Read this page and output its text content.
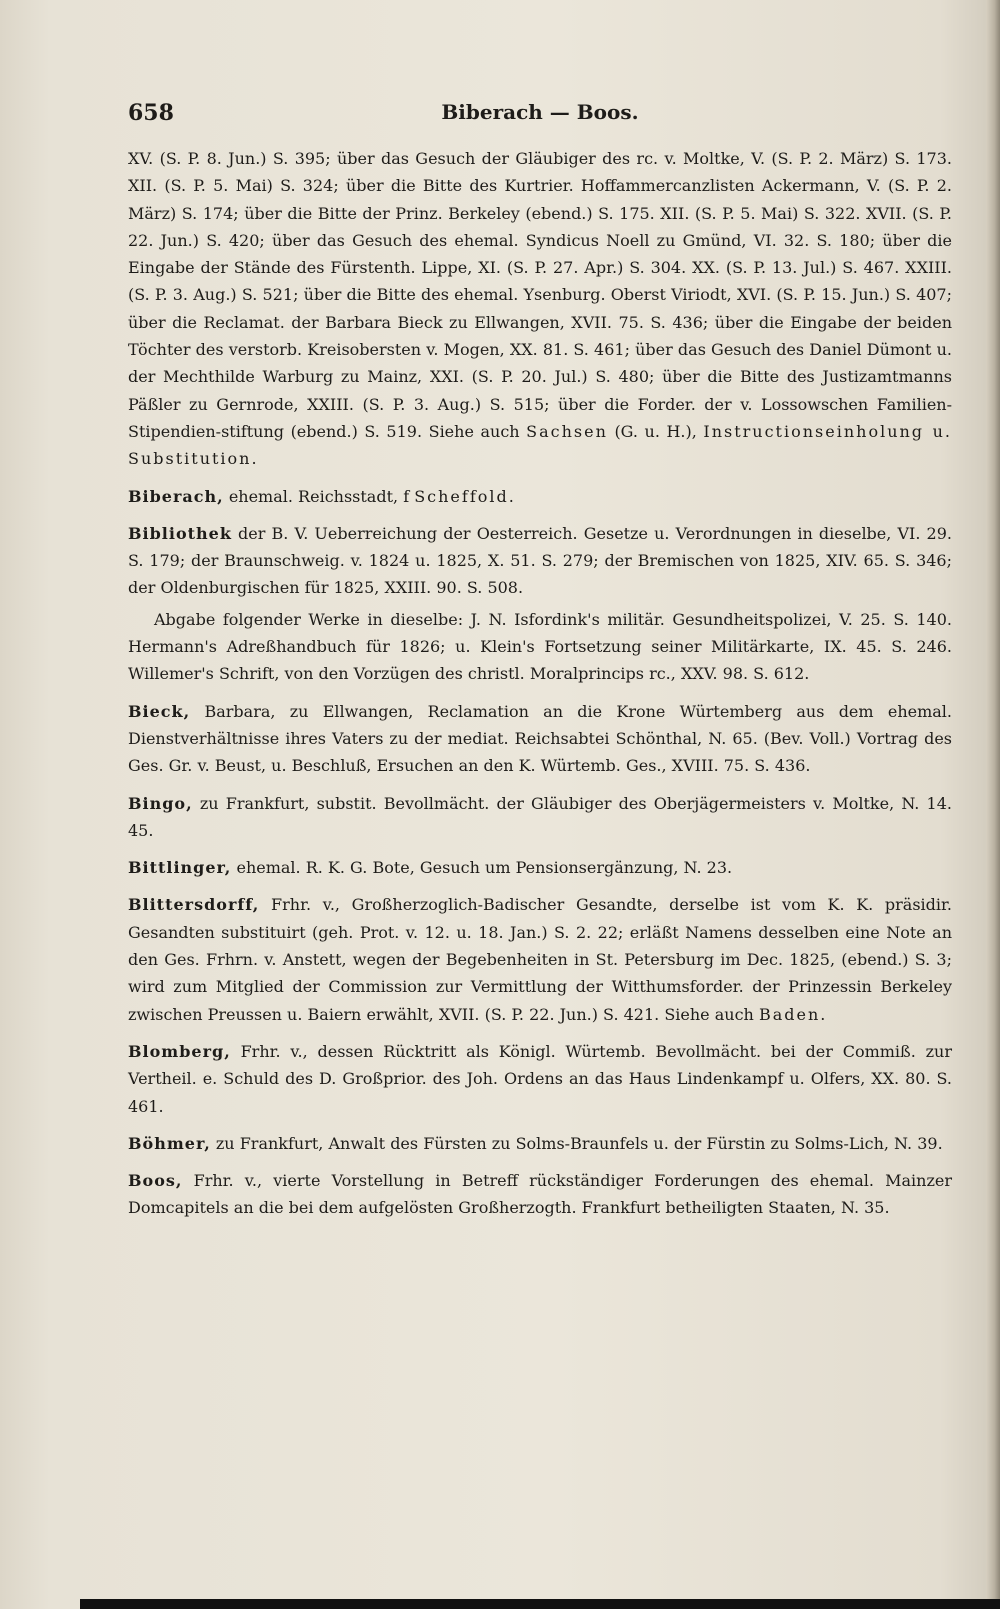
658	Biberach — Boos.

XV. (S. P. 8. Jun.) S. 395; über das Gesuch der Gläubiger des rc. v. Moltke, V. (S. P. 2. März) S. 173. XII. (S. P. 5. Mai) S. 324; über die Bitte des Kurtrier. Hoffammercanzlisten Ackermann, V. (S. P. 2. März) S. 174; über die Bitte der Prinz. Berkeley (ebend.) S. 175. XII. (S. P. 5. Mai) S. 322. XVII. (S. P. 22. Jun.) S. 420; über das Gesuch des ehemal. Syndicus Noell zu Gmünd, VI. 32. S. 180; über die Eingabe der Stände des Fürstenth. Lippe, XI. (S. P. 27. Apr.) S. 304. XX. (S. P. 13. Jul.) S. 467. XXIII. (S. P. 3. Aug.) S. 521; über die Bitte des ehemal. Ysenburg. Oberst Viriodt, XVI. (S. P. 15. Jun.) S. 407; über die Reclamat. der Barbara Bieck zu Ellwangen, XVII. 75. S. 436; über die Eingabe der beiden Töchter des verstorb. Kreisobersten v. Mogen, XX. 81. S. 461; über das Gesuch des Daniel Dümont u. der Mechthilde Warburg zu Mainz, XXI. (S. P. 20. Jul.) S. 480; über die Bitte des Justizamtmanns Päßler zu Gernrode, XXIII. (S. P. 3. Aug.) S. 515; über die Forder. der v. Lossowschen Familien-Stipendien-stiftung (ebend.) S. 519. Siehe auch Sachsen (G. u. H.), Instructionseinholung u. Substitution.

Biberach, ehemal. Reichsstadt, f Scheffold.

Bibliothek der B. V. Ueberreichung der Oesterreich. Gesetze u. Verordnungen in dieselbe, VI. 29. S. 179; der Braunschweig. v. 1824 u. 1825, X. 51. S. 279; der Bremischen von 1825, XIV. 65. S. 346; der Oldenburgischen für 1825, XXIII. 90. S. 508.

Abgabe folgender Werke in dieselbe: J. N. Isfordink's militär. Gesundheitspolizei, V. 25. S. 140. Hermann's Adreßhandbuch für 1826; u. Klein's Fortsetzung seiner Militärkarte, IX. 45. S. 246. Willemer's Schrift, von den Vorzügen des christl. Moralprincips rc., XXV. 98. S. 612.

Bieck, Barbara, zu Ellwangen, Reclamation an die Krone Würtemberg aus dem ehemal. Dienstverhältnisse ihres Vaters zu der mediat. Reichsabtei Schönthal, N. 65. (Bev. Voll.) Vortrag des Ges. Gr. v. Beust, u. Beschluß, Ersuchen an den K. Würtemb. Ges., XVIII. 75. S. 436.

Bingo, zu Frankfurt, substit. Bevollmächt. der Gläubiger des Oberjägermeisters v. Moltke, N. 14. 45.

Bittlinger, ehemal. R. K. G. Bote, Gesuch um Pensionsergänzung, N. 23.

Blittersdorff, Frhr. v., Großherzoglich-Badischer Gesandte, derselbe ist vom K. K. präsidir. Gesandten substituirt (geh. Prot. v. 12. u. 18. Jan.) S. 2. 22; erläßt Namens desselben eine Note an den Ges. Frhrn. v. Anstett, wegen der Begebenheiten in St. Petersburg im Dec. 1825, (ebend.) S. 3; wird zum Mitglied der Commission zur Vermittlung der Witthumsforder. der Prinzessin Berkeley zwischen Preussen u. Baiern erwählt, XVII. (S. P. 22. Jun.) S. 421. Siehe auch Baden.

Blomberg, Frhr. v., dessen Rücktritt als Königl. Würtemb. Bevollmächt. bei der Commiß. zur Vertheil. e. Schuld des D. Großprior. des Joh. Ordens an das Haus Lindenkampf u. Olfers, XX. 80. S. 461.

Böhmer, zu Frankfurt, Anwalt des Fürsten zu Solms-Braunfels u. der Fürstin zu Solms-Lich, N. 39.

Boos, Frhr. v., vierte Vorstellung in Betreff rückständiger Forderungen des ehemal. Mainzer Domcapitels an die bei dem aufgelösten Großherzogth. Frankfurt betheiligten Staaten, N. 35.
